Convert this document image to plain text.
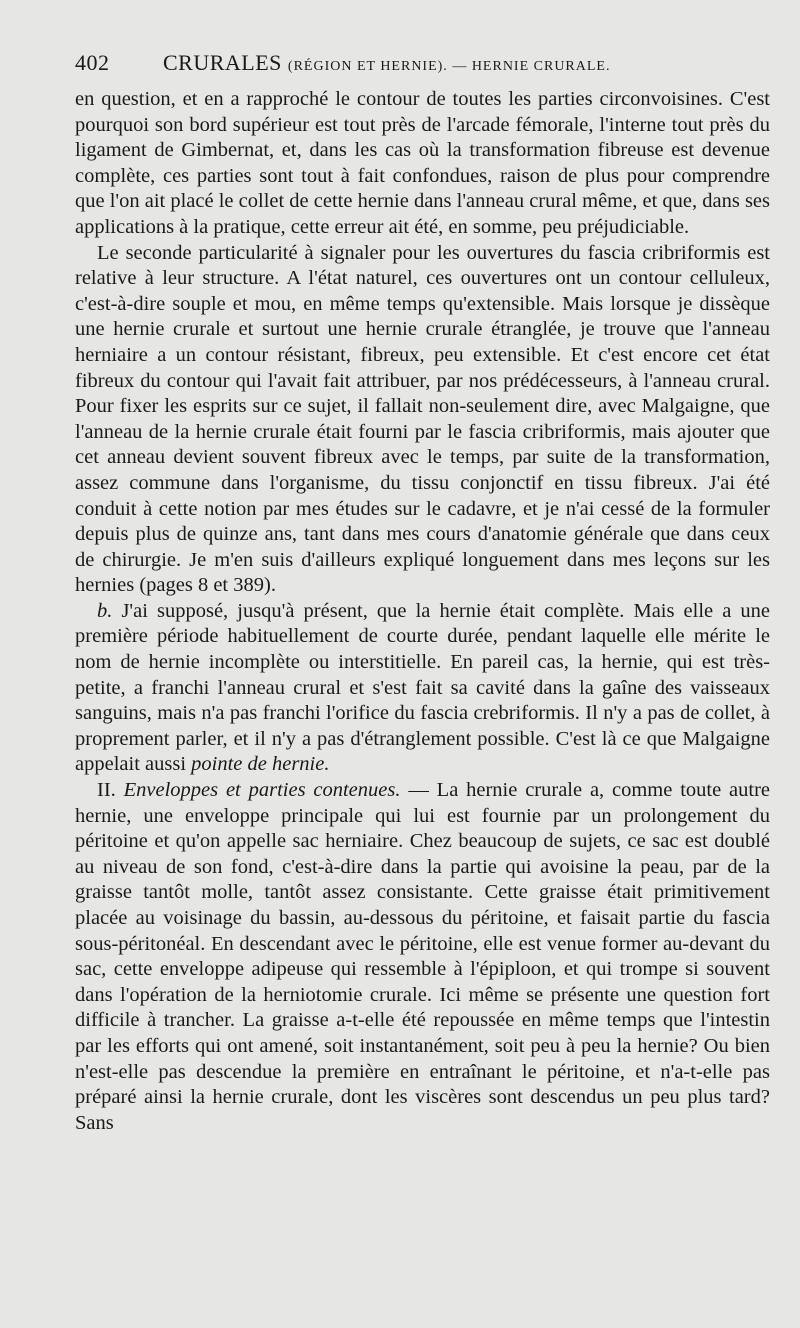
402	CRURALES (RÉGION ET HERNIE). — HERNIE CRURALE.

en question, et en a rapproché le contour de toutes les parties circonvoisines. C'est pourquoi son bord supérieur est tout près de l'arcade fémorale, l'interne tout près du ligament de Gimbernat, et, dans les cas où la transformation fibreuse est devenue complète, ces parties sont tout à fait confondues, raison de plus pour comprendre que l'on ait placé le collet de cette hernie dans l'anneau crural même, et que, dans ses applications à la pratique, cette erreur ait été, en somme, peu préjudiciable.

Le seconde particularité à signaler pour les ouvertures du fascia cribriformis est relative à leur structure. A l'état naturel, ces ouvertures ont un contour celluleux, c'est-à-dire souple et mou, en même temps qu'extensible. Mais lorsque je dissèque une hernie crurale et surtout une hernie crurale étranglée, je trouve que l'anneau herniaire a un contour résistant, fibreux, peu extensible. Et c'est encore cet état fibreux du contour qui l'avait fait attribuer, par nos prédécesseurs, à l'anneau crural. Pour fixer les esprits sur ce sujet, il fallait non-seulement dire, avec Malgaigne, que l'anneau de la hernie crurale était fourni par le fascia cribriformis, mais ajouter que cet anneau devient souvent fibreux avec le temps, par suite de la transformation, assez commune dans l'organisme, du tissu conjonctif en tissu fibreux. J'ai été conduit à cette notion par mes études sur le cadavre, et je n'ai cessé de la formuler depuis plus de quinze ans, tant dans mes cours d'anatomie générale que dans ceux de chirurgie. Je m'en suis d'ailleurs expliqué longuement dans mes leçons sur les hernies (pages 8 et 389).

b. J'ai supposé, jusqu'à présent, que la hernie était complète. Mais elle a une première période habituellement de courte durée, pendant laquelle elle mérite le nom de hernie incomplète ou interstitielle. En pareil cas, la hernie, qui est très-petite, a franchi l'anneau crural et s'est fait sa cavité dans la gaîne des vaisseaux sanguins, mais n'a pas franchi l'orifice du fascia crebriformis. Il n'y a pas de collet, à proprement parler, et il n'y a pas d'étranglement possible. C'est là ce que Malgaigne appelait aussi pointe de hernie.

II. Enveloppes et parties contenues. — La hernie crurale a, comme toute autre hernie, une enveloppe principale qui lui est fournie par un prolongement du péritoine et qu'on appelle sac herniaire. Chez beaucoup de sujets, ce sac est doublé au niveau de son fond, c'est-à-dire dans la partie qui avoisine la peau, par de la graisse tantôt molle, tantôt assez consistante. Cette graisse était primitivement placée au voisinage du bassin, au-dessous du péritoine, et faisait partie du fascia sous-péritonéal. En descendant avec le péritoine, elle est venue former au-devant du sac, cette enveloppe adipeuse qui ressemble à l'épiploon, et qui trompe si souvent dans l'opération de la herniotomie crurale. Ici même se présente une question fort difficile à trancher. La graisse a-t-elle été repoussée en même temps que l'intestin par les efforts qui ont amené, soit instantanément, soit peu à peu la hernie? Ou bien n'est-elle pas descendue la première en entraînant le péritoine, et n'a-t-elle pas préparé ainsi la hernie crurale, dont les viscères sont descendus un peu plus tard? Sans
